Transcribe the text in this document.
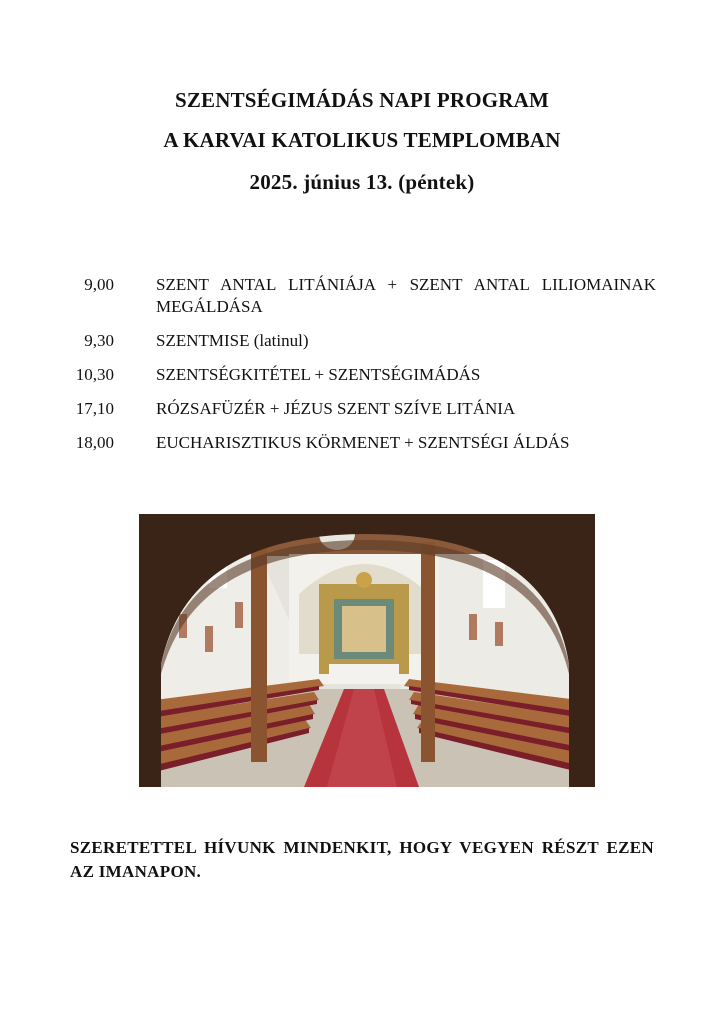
SZENTSÉGIMÁDÁS NAPI PROGRAM
A KARVAI KATOLIKUS TEMPLOMBAN
2025. június 13. (péntek)
9,00 SZENT ANTAL LITÁNIÁJA + SZENT ANTAL LILIOMAINAK MEGÁLDÁSA
9,30 SZENTMISE (latinul)
10,30 SZENTSÉGKITÉTEL + SZENTSÉGIMÁDÁS
17,10 RÓZSAFÜZÉR + JÉZUS SZENT SZÍVE LITÁNIA
18,00 EUCHARISZTIKUS KÖRMENET + SZENTSÉGI ÁLDÁS
SZERETETTEL HÍVUNK MINDENKIT, HOGY VEGYEN RÉSZT EZEN AZ IMANAPON.
